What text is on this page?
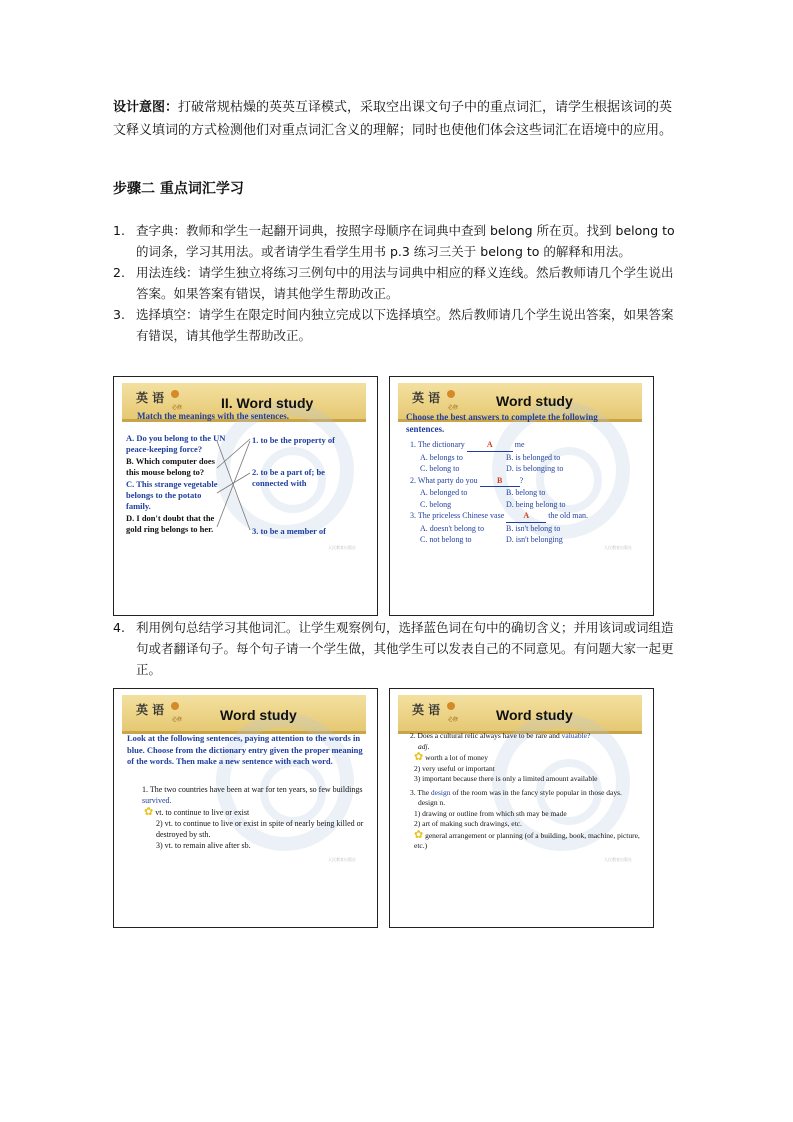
设计意图：打破常规枯燥的英英互译模式，采取空出课文句子中的重点词汇，请学生根据该词的英文释义填词的方式检测他们对重点词汇含义的理解；同时也使他们体会这些词汇在语境中的应用。
步骤二 重点词汇学习
1. 查字典：教师和学生一起翻开词典，按照字母顺序在词典中查到 belong 所在页。找到 belong to 的词条，学习其用法。或者请学生看学生用书 p.3 练习三关于 belong to 的解释和用法。
2. 用法连线：请学生独立将练习三例句中的用法与词典中相应的释义连线。然后教师请几个学生说出答案。如果答案有错误，请其他学生帮助改正。
3. 选择填空：请学生在限定时间内独立完成以下选择填空。然后教师请几个学生说出答案，如果答案有错误，请其他学生帮助改正。
英 语
必修	II. Word study
Match the meanings with the sentences.
A. Do you belong to the UN peace-keeping force?
B. Which computer does this mouse belong to?
C. This strange vegetable belongs to the potato family.
D. I don't doubt that the gold ring belongs to her.
1. to be the property of
2. to be a part of; be connected with
3. to be a member of
人民教育出版社
英 语
必修	Word study
Choose the best answers to complete the following sentences.
1. The dictionary	A	me
A. belongs to	B. is belonged to
C. belong to	D. is belonging to
2. What party do you B ?
A. belonged to	B. belong to
C. belong	D. being belong to
3. The priceless Chinese vase A the old man.
A. doesn't belong to	B. isn't belong to
C. not belong to	D. isn't belonging
人民教育出版社
4. 利用例句总结学习其他词汇。让学生观察例句，选择蓝色词在句中的确切含义；并用该词或词组造句或者翻译句子。每个句子请一个学生做，其他学生可以发表自己的不同意见。有问题大家一起更正。
英 语
必修	Word study
Look at the following sentences, paying attention to the words in blue. Choose from the dictionary entry given the proper meaning of the words. Then make a new sentence with each word.
1. The two countries have been at war for ten years, so few buildings survived.
✿ vt. to continue to live or exist
2) vt. to continue to live or exist in spite of nearly being killed or destroyed by sth.
3) vt. to remain alive after sb.
人民教育出版社
英 语
必修	Word study
2. Does a cultural relic always have to be rare and valuable?
adj.
✿ worth a lot of money
2) very useful or important
3) important because there is only a limited amount available
3. The design of the room was in the fancy style popular in those days.
design n.
1) drawing or outline from which sth may be made
2) art of making such drawings, etc.
✿ general arrangement or planning (of a building, book, machine, picture, etc.)
人民教育出版社
